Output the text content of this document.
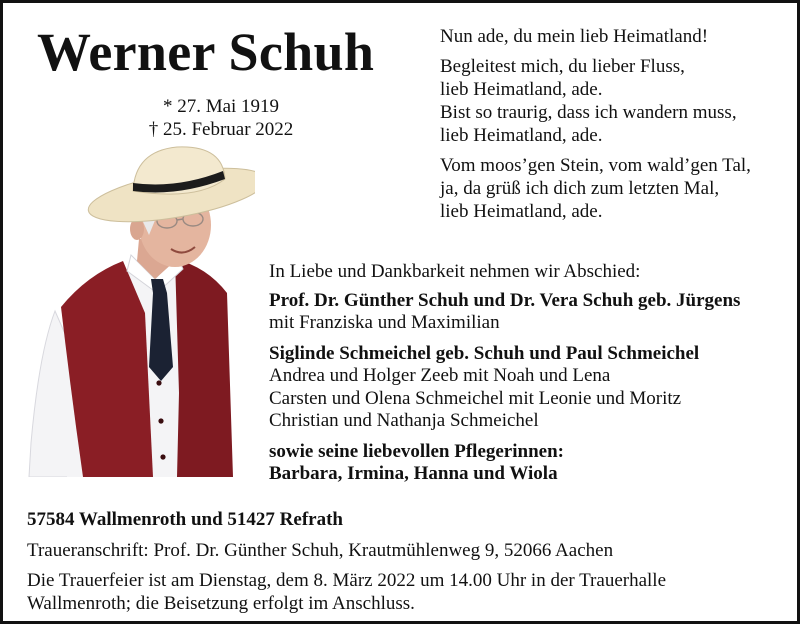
Werner Schuh
* 27. Mai 1919
† 25. Februar 2022
Nun ade, du mein lieb Heimatland!
Begleitest mich, du lieber Fluss,
lieb Heimatland, ade.
Bist so traurig, dass ich wandern muss,
lieb Heimatland, ade.
Vom moos’gen Stein, vom wald’gen Tal,
ja, da grüß ich dich zum letzten Mal,
lieb Heimatland, ade.
In Liebe und Dankbarkeit nehmen wir Abschied:
Prof. Dr. Günther Schuh und Dr. Vera Schuh geb. Jürgens
mit Franziska und Maximilian
Siglinde Schmeichel geb. Schuh und Paul Schmeichel
Andrea und Holger Zeeb mit Noah und Lena
Carsten und Olena Schmeichel mit Leonie und Moritz
Christian und Nathanja Schmeichel
sowie seine liebevollen Pflegerinnen:
Barbara, Irmina, Hanna und Wiola
57584 Wallmenroth und 51427 Refrath
Traueranschrift: Prof. Dr. Günther Schuh, Krautmühlenweg 9, 52066 Aachen
Die Trauerfeier ist am Dienstag, dem 8. März 2022 um 14.00 Uhr in der Trauerhalle
Wallmenroth; die Beisetzung erfolgt im Anschluss.
